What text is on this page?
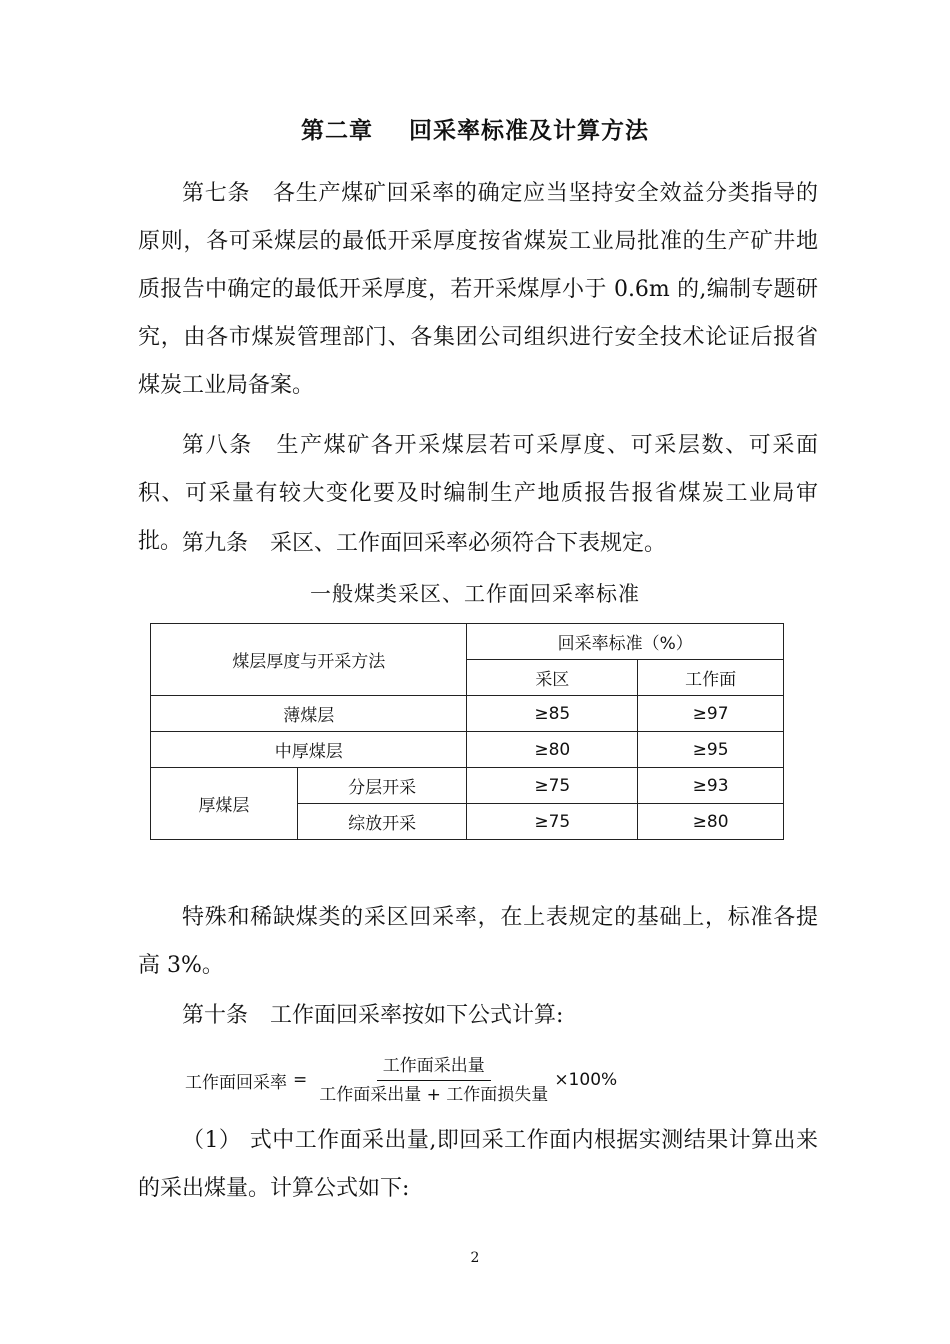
第二章 回采率标准及计算方法

第七条 各生产煤矿回采率的确定应当坚持安全效益分类指导的原则，各可采煤层的最低开采厚度按省煤炭工业局批准的生产矿井地质报告中确定的最低开采厚度，若开采煤厚小于 0.6m 的,编制专题研究，由各市煤炭管理部门、各集团公司组织进行安全技术论证后报省煤炭工业局备案。

第八条 生产煤矿各开采煤层若可采厚度、可采层数、可采面积、可采量有较大变化要及时编制生产地质报告报省煤炭工业局审批。 第九条 采区、工作面回采率必须符合下表规定。

一般煤类采区、工作面回采率标准
煤层厚度与开采方法		回采率标准（%）	
		采区	工作面
薄煤层		≥85	≥97
中厚煤层		≥80	≥95
厚煤层	分层开采	≥75	≥93
	综放开采	≥75	≥80

特殊和稀缺煤类的采区回采率，在上表规定的基础上，标准各提高 3%。

第十条 工作面回采率按如下公式计算:

工作面回采率 = $\frac{\text{工作面采出量}}{\text{工作面采出量 + 工作面损失量}} \times 100\%$

（1） 式中工作面采出量,即回采工作面内根据实测结果计算出来的采出煤量。计算公式如下:

2
